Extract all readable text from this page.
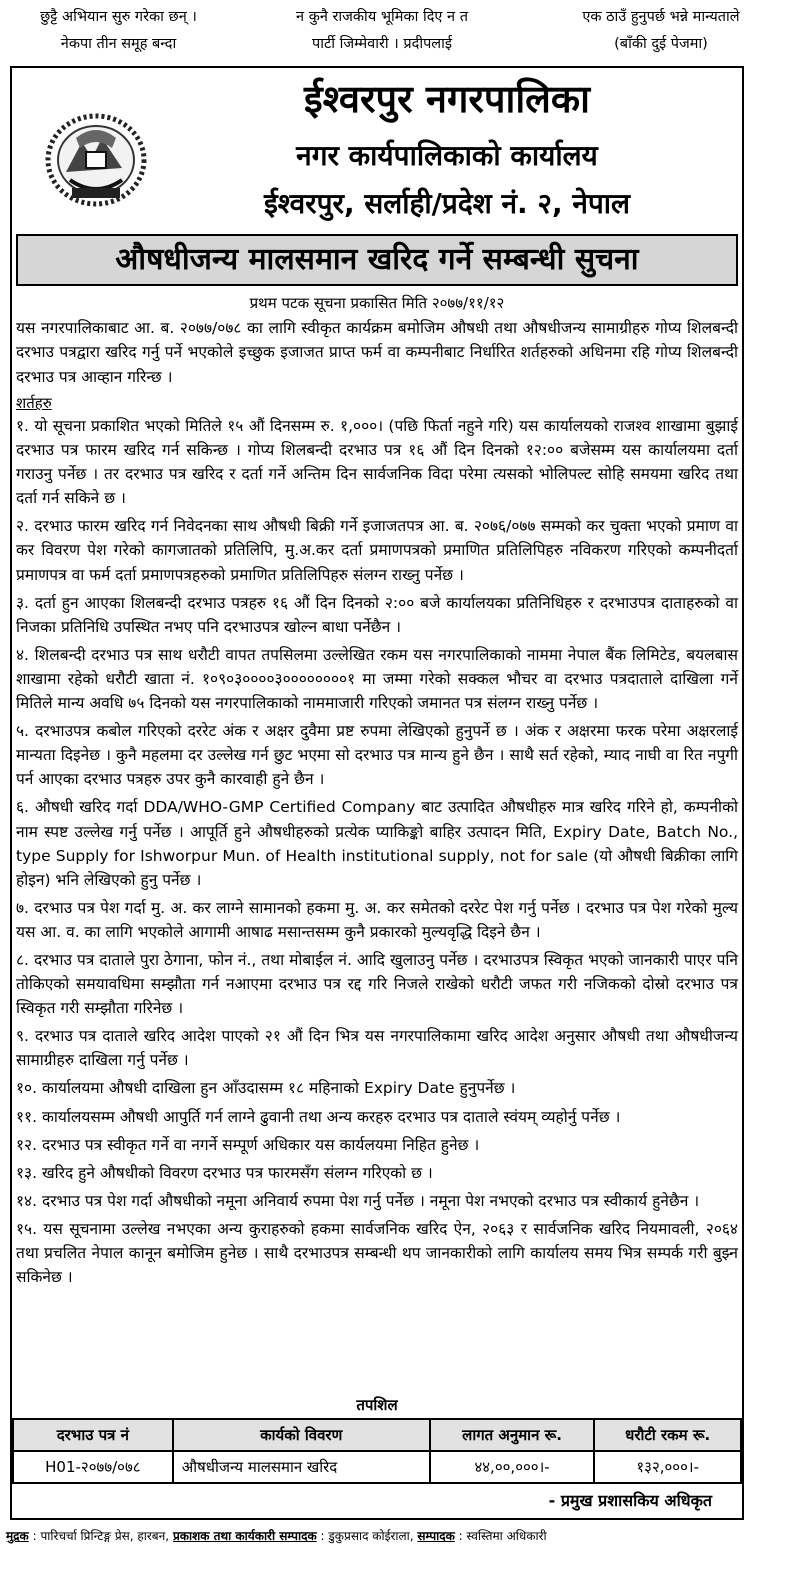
छुट्टै अभियान सुरु गरेका छन् ।
नेकपा तीन समूह बन्दा
न कुनै राजकीय भूमिका दिए न त
पार्टी जिम्मेवारी । प्रदीपलाई
एक ठाउँ हुनुपर्छ भन्ने मान्यताले
(बाँकी दुई पेजमा)
ईश्वरपुर नगरपालिका
नगर कार्यपालिकाको कार्यालय
ईश्वरपुर, सर्लाही/प्रदेश नं. २, नेपाल
औषधीजन्य मालसमान खरिद गर्ने सम्बन्धी सुचना
प्रथम पटक सूचना प्रकासित मिति २०७७/११/१२

यस नगरपालिकाबाट आ. ब. २०७७/०७८ का लागि स्वीकृत कार्यक्रम बमोजिम औषधी तथा औषधीजन्य सामाग्रीहरु गोप्य शिलबन्दी दरभाउ पत्रद्वारा खरिद गर्नु पर्ने भएकोले इच्छुक इजाजत प्राप्त फर्म वा कम्पनीबाट निर्धारित शर्तहरुको अधिनमा रहि गोप्य शिलबन्दी दरभाउ पत्र आव्हान गरिन्छ ।

शर्तहरु
१. यो सूचना प्रकाशित भएको मितिले १५ औं दिनसम्म रु. १,०००। (पछि फिर्ता नहुने गरि) यस कार्यालयको राजश्व शाखामा बुझाई दरभाउ पत्र फारम खरिद गर्न सकिन्छ । गोप्य शिलबन्दी दरभाउ पत्र १६ औं दिन दिनको १२:०० बजेसम्म यस कार्यालयमा दर्ता गराउनु पर्नेछ । तर दरभाउ पत्र खरिद र दर्ता गर्ने अन्तिम दिन सार्वजनिक विदा परेमा त्यसको भोलिपल्ट सोहि समयमा खरिद तथा दर्ता गर्न सकिने छ ।
२. दरभाउ फारम खरिद गर्न निवेदनका साथ औषधी बिक्री गर्ने इजाजतपत्र आ. ब. २०७६/०७७ सम्मको कर चुक्ता भएको प्रमाण वा कर विवरण पेश गरेको कागजातको प्रतिलिपि, मु.अ.कर दर्ता प्रमाणपत्रको प्रमाणित प्रतिलिपिहरु नविकरण गरिएको कम्पनीदर्ता प्रमाणपत्र वा फर्म दर्ता प्रमाणपत्रहरुको प्रमाणित प्रतिलिपिहरु संलग्न राख्नु पर्नेछ ।
३. दर्ता हुन आएका शिलबन्दी दरभाउ पत्रहरु १६ औं दिन दिनको २:०० बजे कार्यालयका प्रतिनिधिहरु र दरभाउपत्र दाताहरुको वा निजका प्रतिनिधि उपस्थित नभए पनि दरभाउपत्र खोल्न बाधा पर्नेछैन ।
४. शिलबन्दी दरभाउ पत्र साथ धरौटी वापत तपसिलमा उल्लेखित रकम यस नगरपालिकाको नाममा नेपाल बैंक लिमिटेड, बयलबास शाखामा रहेको धरौटी खाता नं. १०९०३००००३००००००००१ मा जम्मा गरेको सक्कल भौचर वा दरभाउ पत्रदाताले दाखिला गर्ने मितिले मान्य अवधि ७५ दिनको यस नगरपालिकाको नाममाजारी गरिएको जमानत पत्र संलग्न राख्नु पर्नेछ ।
५. दरभाउपत्र कबोल गरिएको दररेट अंक र अक्षर दुवैमा प्रष्ट रुपमा लेखिएको हुनुपर्ने छ । अंक र अक्षरमा फरक परेमा अक्षरलाई मान्यता दिइनेछ । कुनै महलमा दर उल्लेख गर्न छुट भएमा सो दरभाउ पत्र मान्य हुने छैन । साथै सर्त रहेको, म्याद नाघी वा रित नपुगी पर्न आएका दरभाउ पत्रहरु उपर कुनै कारवाही हुने छैन ।
६. औषधी खरिद गर्दा DDA/WHO-GMP Certified Company बाट उत्पादित औषधीहरु मात्र खरिद गरिने हो, कम्पनीको नाम स्पष्ट उल्लेख गर्नु पर्नेछ । आपूर्ति हुने औषधीहरुको प्रत्येक प्याकिङ्को बाहिर उत्पादन मिति, Expiry Date, Batch No., type Supply for Ishworpur Mun. of Health institutional supply, not for sale (यो औषधी बिक्रीका लागि होइन) भनि लेखिएको हुनु पर्नेछ ।
७. दरभाउ पत्र पेश गर्दा मु. अ. कर लाग्ने सामानको हकमा मु. अ. कर समेतको दररेट पेश गर्नु पर्नेछ । दरभाउ पत्र पेश गरेको मुल्य यस आ. व. का लागि भएकोले आगामी आषाढ मसान्तसम्म कुनै प्रकारको मुल्यवृद्धि दिइने छैन ।
८. दरभाउ पत्र दाताले पुरा ठेगाना, फोन नं., तथा मोबाईल नं. आदि खुलाउनु पर्नेछ । दरभाउपत्र स्विकृत भएको जानकारी पाएर पनि तोकिएको समयावधिमा सम्झौता गर्न नआएमा दरभाउ पत्र रद्द गरि निजले राखेको धरौटी जफत गरी नजिकको दोस्रो दरभाउ पत्र स्विकृत गरी सम्झौता गरिनेछ ।
९. दरभाउ पत्र दाताले खरिद आदेश पाएको २१ औं दिन भित्र यस नगरपालिकामा खरिद आदेश अनुसार औषधी तथा औषधीजन्य सामाग्रीहरु दाखिला गर्नु पर्नेछ ।
१०. कार्यालयमा औषधी दाखिला हुन आँउदासम्म १८ महिनाको Expiry Date हुनुपर्नेछ ।
११. कार्यालयसम्म औषधी आपुर्ति गर्न लाग्ने ढुवानी तथा अन्य करहरु दरभाउ पत्र दाताले स्वंयम् व्यहोर्नु पर्नेछ ।
१२. दरभाउ पत्र स्वीकृत गर्ने वा नगर्ने सम्पूर्ण अधिकार यस कार्यलयमा निहित हुनेछ ।
१३. खरिद हुने औषधीको विवरण दरभाउ पत्र फारमसँग संलग्न गरिएको छ ।
१४. दरभाउ पत्र पेश गर्दा औषधीको नमूना अनिवार्य रुपमा पेश गर्नु पर्नेछ । नमूना पेश नभएको दरभाउ पत्र स्वीकार्य हुनेछैन ।
१५. यस सूचनामा उल्लेख नभएका अन्य कुराहरुको हकमा सार्वजनिक खरिद ऐन, २०६३ र सार्वजनिक खरिद नियमावली, २०६४ तथा प्रचलित नेपाल कानून बमोजिम हुनेछ । साथै दरभाउपत्र सम्बन्धी थप जानकारीको लागि कार्यालय समय भित्र सम्पर्क गरी बुझ्न सकिनेछ ।
तपशिल
दरभाउ पत्र नं	कार्यको विवरण	लागत अनुमान रू.	धरौटी रकम रू.
H01-२०७७/०७८	औषधीजन्य मालसमान खरिद	४४,००,०००।-	१३२,०००।-
- प्रमुख प्रशासकिय अधिकृत
मुद्रक : पारिचर्चा प्रिन्टिङ्ग प्रेस, हारबन, प्रकाशक तथा कार्यकारी सम्पादक : डुकुप्रसाद कोईराला, सम्पादक : स्वस्तिमा अधिकारी
